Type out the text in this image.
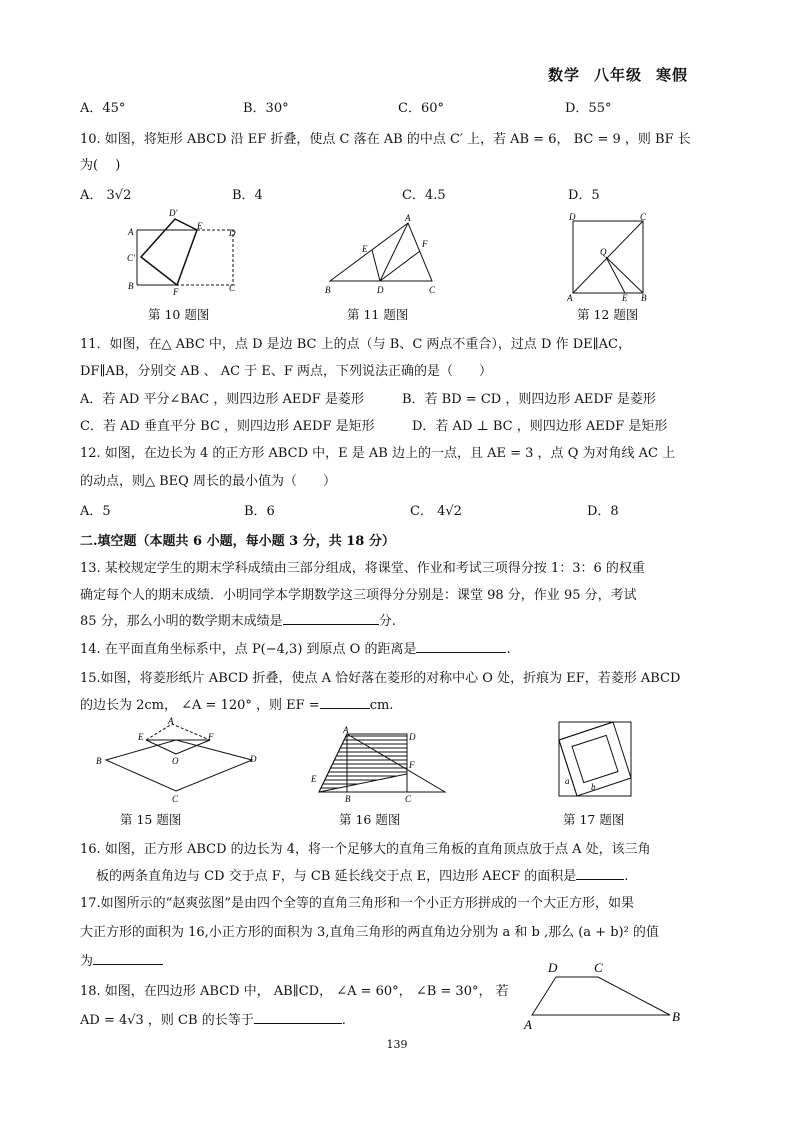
数学 八年级 寒假
A．45°	B．30°	C．60°	D．55°
10. 如图，将矩形 ABCD 沿 EF 折叠，使点 C 落在 AB 的中点 C′ 上，若 AB = 6， BC = 9 ，则 BF 长
为(　 )
A． 3√2	B．4	C．4.5	D．5
A
D′
E
D
C′
B
F	C
第 10 题图
A
E	F
B	D	C
第 11 题图
D	C
Q
A	E B
第 12 题图
11．如图，在△ ABC 中，点 D 是边 BC 上的点（与 B、C 两点不重合），过点 D 作 DE∥AC，
DF∥AB，分别交 AB 、 AC 于 E、F 两点，下列说法正确的是（　　）
A．若 AD 平分∠BAC ，则四边形 AEDF 是菱形	B．若 BD = CD ，则四边形 AEDF 是菱形
C．若 AD 垂直平分 BC ，则四边形 AEDF 是矩形	D．若 AD ⊥ BC ，则四边形 AEDF 是矩形
12. 如图，在边长为 4 的正方形 ABCD 中，E 是 AB 边上的一点，且 AE = 3 ，点 Q 为对角线 AC 上
的动点，则△ BEQ 周长的最小值为（　　）
A．5	B．6	C． 4√2	D．8
二.填空题（本题共 6 小题，每小题 3 分，共 18 分）
13. 某校规定学生的期末学科成绩由三部分组成，将课堂、作业和考试三项得分按 1：3：6 的权重
确定每个人的期末成绩．小明同学本学期数学这三项得分分别是：课堂 98 分，作业 95 分，考试
85 分，那么小明的数学期末成绩是	分.
14. 在平面直角坐标系中，点 P(−4,3) 到原点 O 的距离是	.
15.如图，将菱形纸片 ABCD 折叠，使点 A 恰好落在菱形的对称中心 O 处，折痕为 EF，若菱形 ABCD
的边长为 2cm， ∠A = 120° ，则 EF =	cm.
A
E	F
B	O	D
C
第 15 题图
A
D
F
E
B	C
第 16 题图
a
b
第 17 题图
16. 如图，正方形 ABCD 的边长为 4，将一个足够大的直角三角板的直角顶点放于点 A 处，该三角
板的两条直角边与 CD 交于点 F，与 CB 延长线交于点 E，四边形 AECF 的面积是	.
17.如图所示的“赵爽弦图”是由四个全等的直角三角形和一个小正方形拼成的一个大正方形，如果
大正方形的面积为 16,小正方形的面积为 3,直角三角形的两直角边分别为 a 和 b ,那么 (a + b)² 的值
为
18. 如图，在四边形 ABCD 中， AB∥CD， ∠A = 60°， ∠B = 30°， 若
AD = 4√3 ，则 CB 的长等于	.
D	C
A
B
139
